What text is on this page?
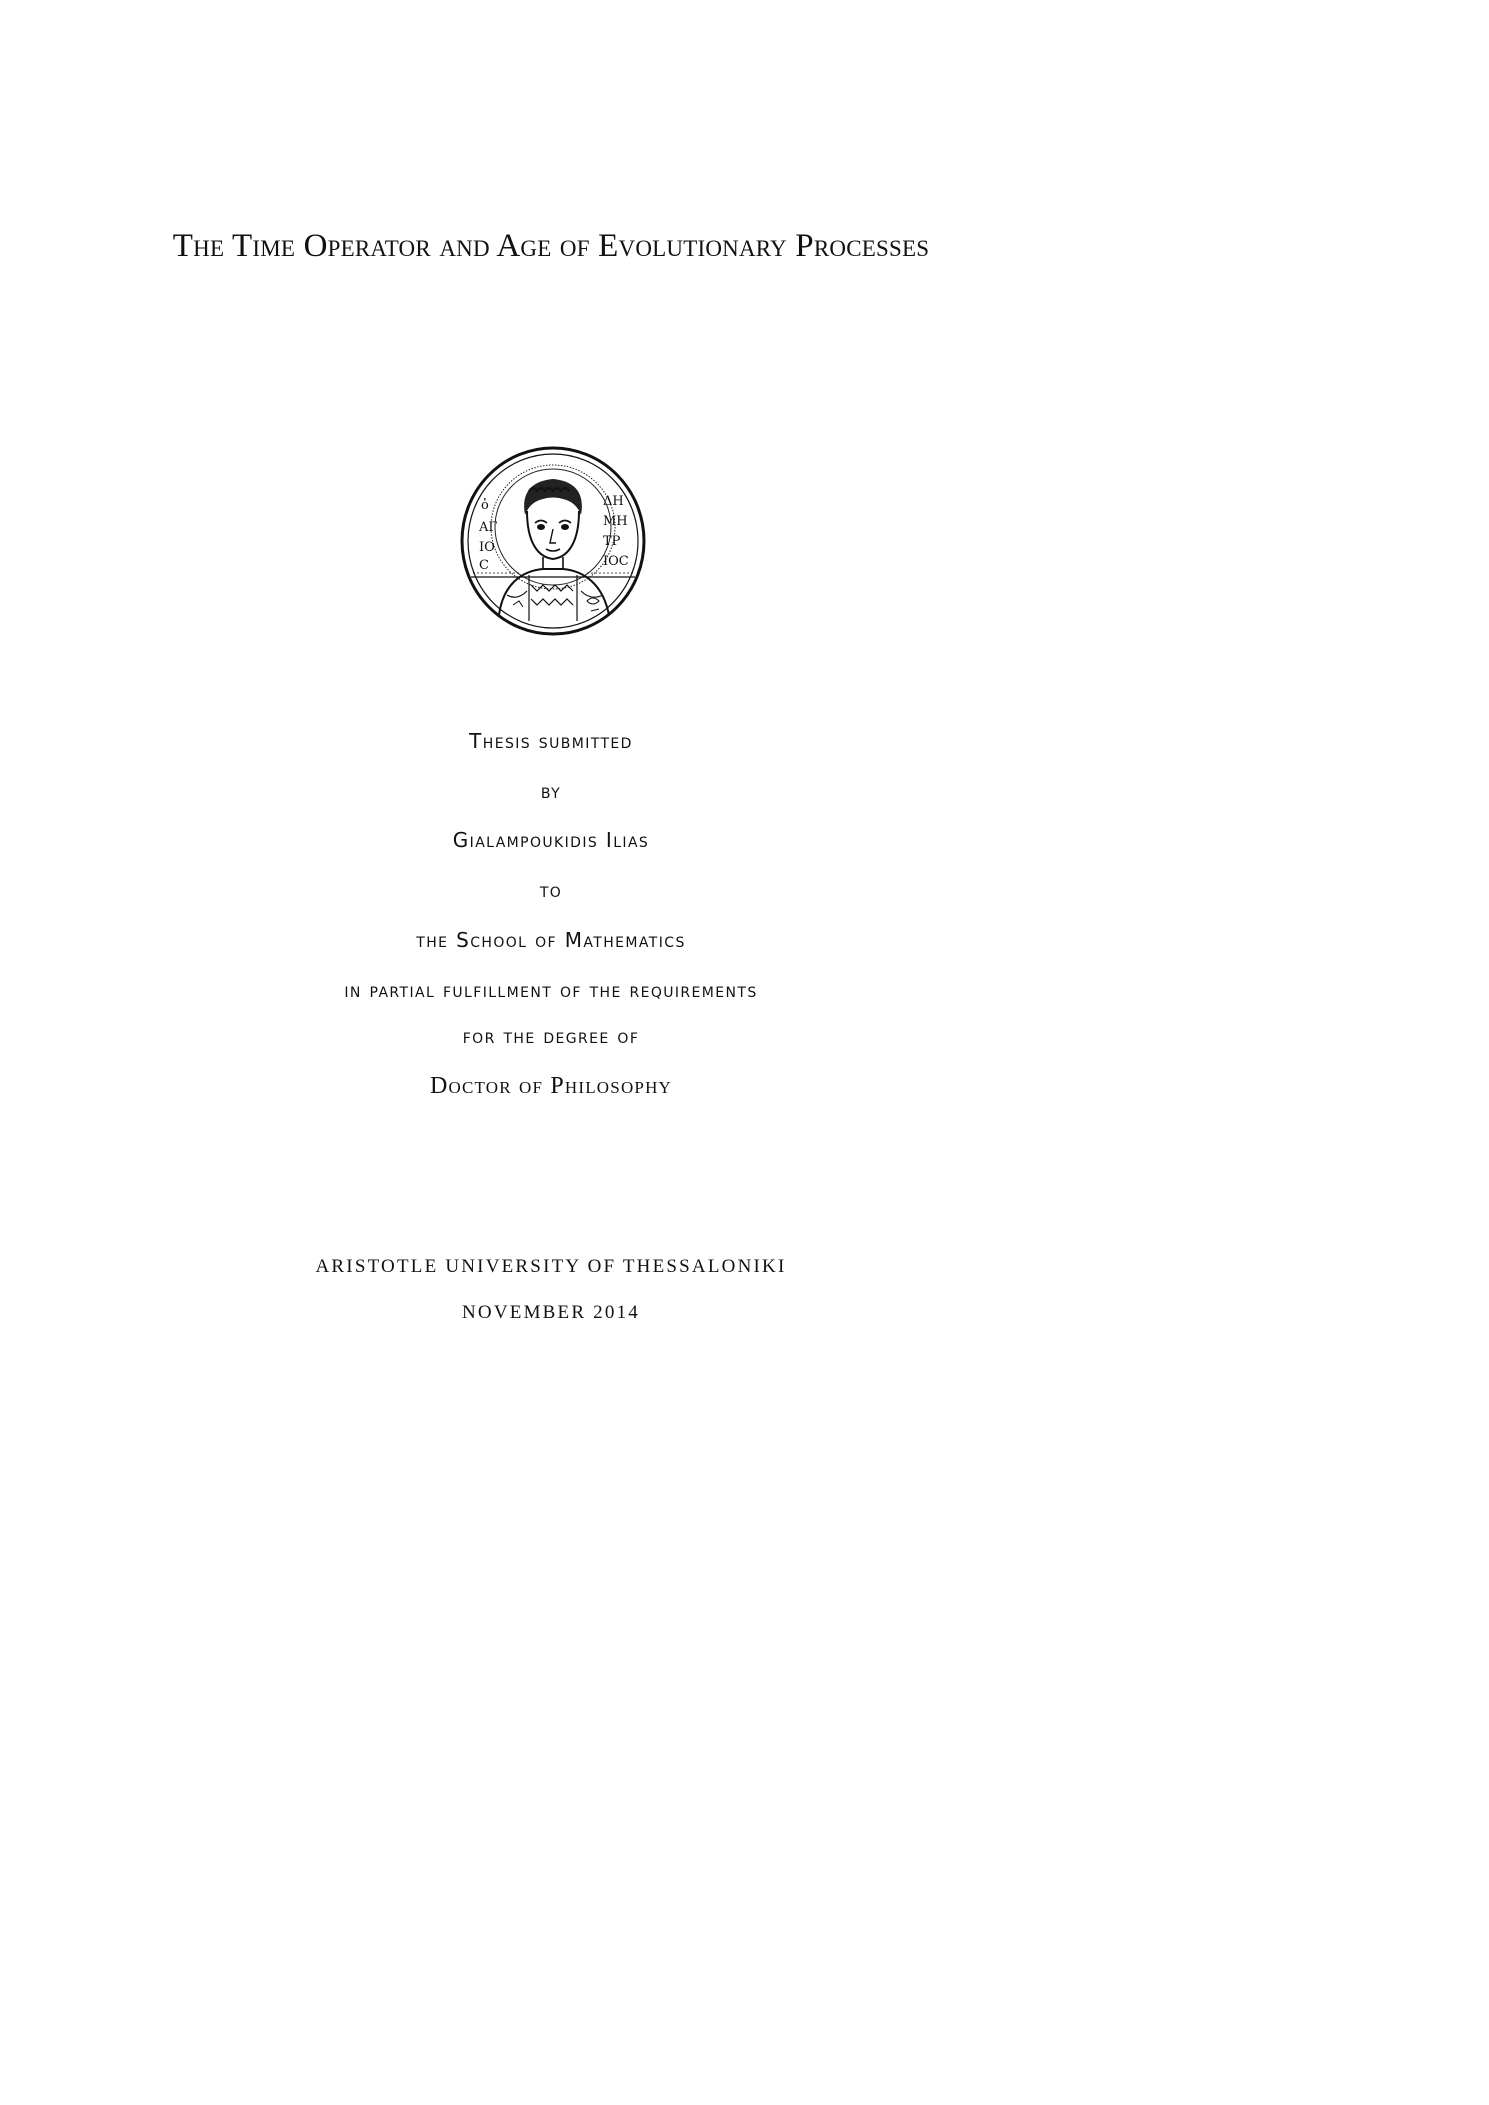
The Time Operator and Age of Evolutionary Processes
ὁ
ΑΓ
ΙΟ
Ϲ
ΔΗ
ΜΗ
ΤΡ
ΙΟϹ
Thesis submitted
by
Gialampoukidis Ilias
to
the School of Mathematics
in partial fulfillment of the requirements
for the degree of
Doctor of Philosophy
ARISTOTLE UNIVERSITY OF THESSALONIKI
NOVEMBER 2014
